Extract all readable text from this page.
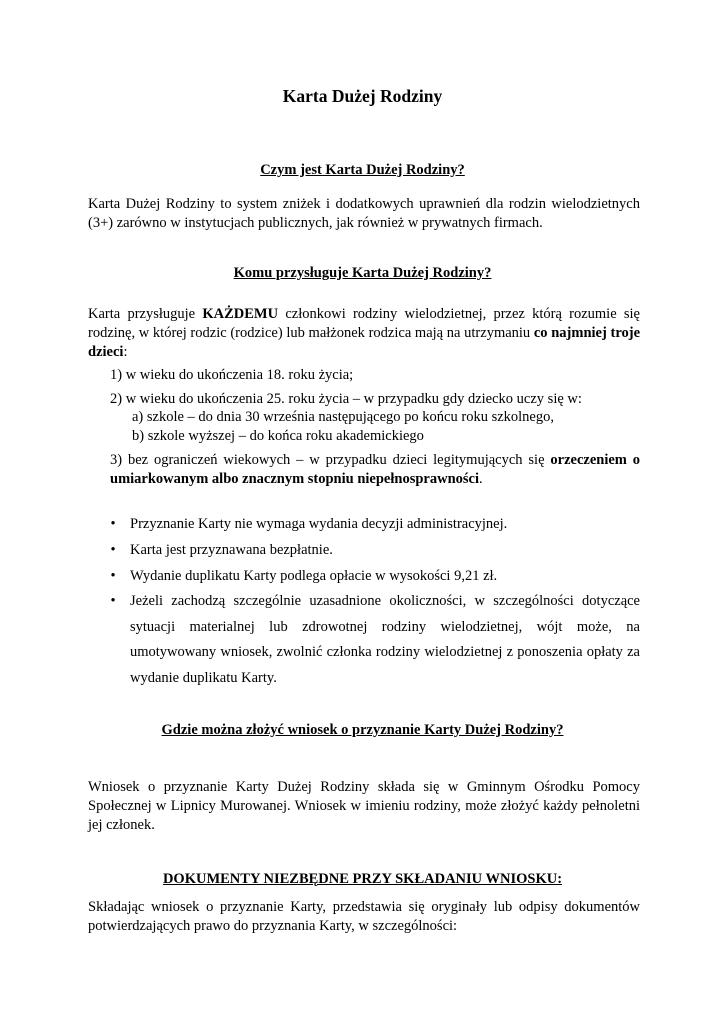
Karta Dużej Rodziny
Czym jest Karta Dużej Rodziny?
Karta Dużej Rodziny to system zniżek i dodatkowych uprawnień dla rodzin wielodzietnych (3+) zarówno w instytucjach publicznych, jak również w prywatnych firmach.
Komu przysługuje Karta Dużej Rodziny?
Karta przysługuje KAŻDEMU członkowi rodziny wielodzietnej, przez którą rozumie się rodzinę, w której rodzic (rodzice) lub małżonek rodzica mają na utrzymaniu co najmniej troje dzieci:
1) w wieku do ukończenia 18. roku życia;
2) w wieku do ukończenia 25. roku życia – w przypadku gdy dziecko uczy się w:
a) szkole – do dnia 30 września następującego po końcu roku szkolnego,
b) szkole wyższej – do końca roku akademickiego
3) bez ograniczeń wiekowych – w przypadku dzieci legitymujących się orzeczeniem o umiarkowanym albo znacznym stopniu niepełnosprawności.
• Przyznanie Karty nie wymaga wydania decyzji administracyjnej.
• Karta jest przyznawana bezpłatnie.
• Wydanie duplikatu Karty podlega opłacie w wysokości 9,21 zł.
• Jeżeli zachodzą szczególnie uzasadnione okoliczności, w szczególności dotyczące sytuacji materialnej lub zdrowotnej rodziny wielodzietnej, wójt może, na umotywowany wniosek, zwolnić członka rodziny wielodzietnej z ponoszenia opłaty za wydanie duplikatu Karty.
Gdzie można złożyć wniosek o przyznanie Karty Dużej Rodziny?
Wniosek o przyznanie Karty Dużej Rodziny składa się w Gminnym Ośrodku Pomocy Społecznej w Lipnicy Murowanej. Wniosek w imieniu rodziny, może złożyć każdy pełnoletni jej członek.
DOKUMENTY NIEZBĘDNE PRZY SKŁADANIU WNIOSKU:
Składając wniosek o przyznanie Karty, przedstawia się oryginały lub odpisy dokumentów potwierdzających prawo do przyznania Karty, w szczególności:
